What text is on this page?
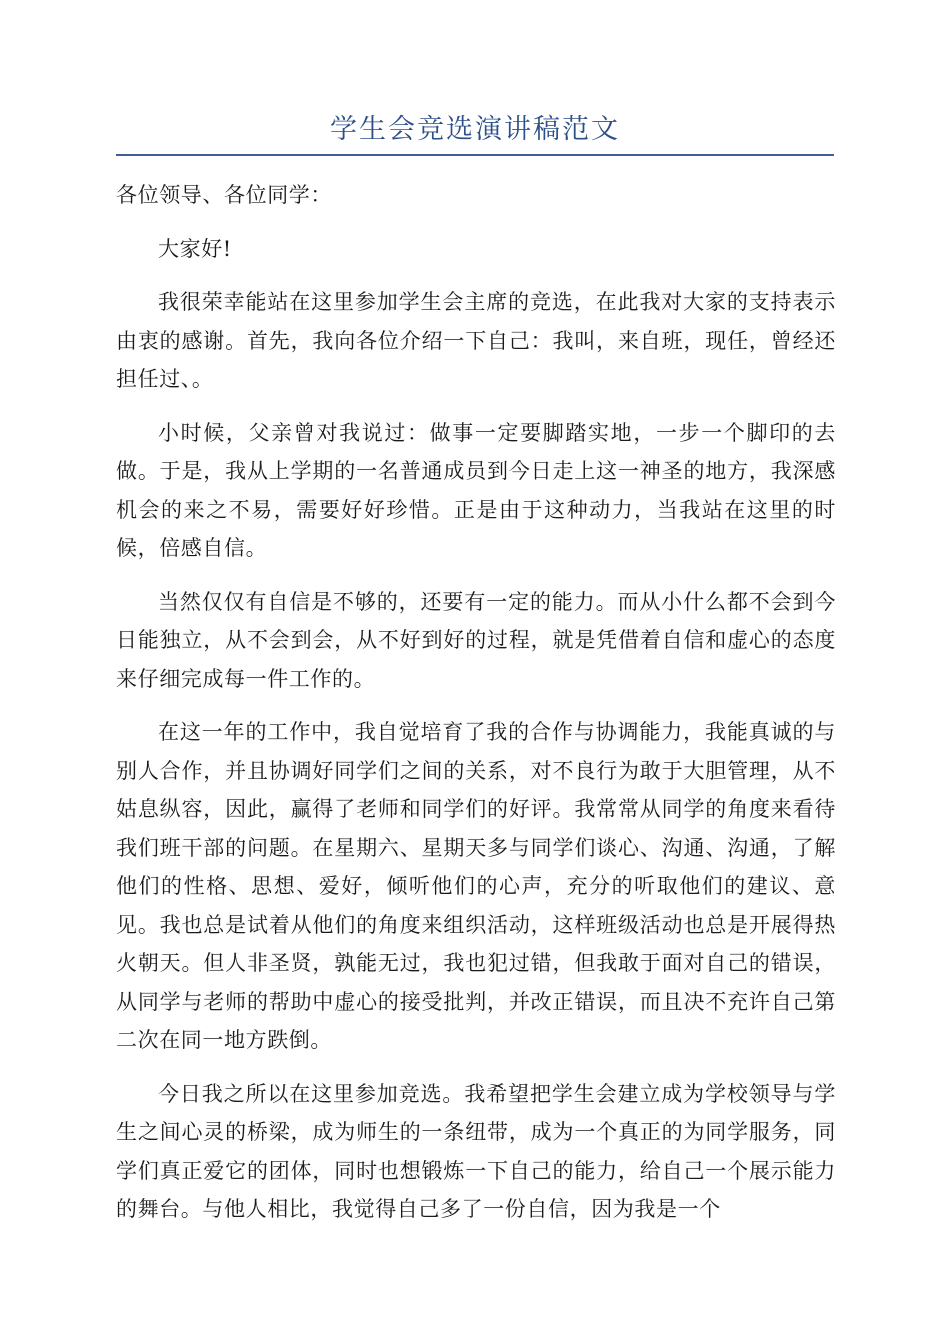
学生会竞选演讲稿范文

各位领导、各位同学：

大家好!

我很荣幸能站在这里参加学生会主席的竞选，在此我对大家的支持表示由衷的感谢。首先，我向各位介绍一下自己：我叫，来自班，现任，曾经还担任过、。

小时候，父亲曾对我说过：做事一定要脚踏实地，一步一个脚印的去做。于是，我从上学期的一名普通成员到今日走上这一神圣的地方，我深感机会的来之不易，需要好好珍惜。正是由于这种动力，当我站在这里的时候，倍感自信。

当然仅仅有自信是不够的，还要有一定的能力。而从小什么都不会到今日能独立，从不会到会，从不好到好的过程，就是凭借着自信和虚心的态度来仔细完成每一件工作的。

在这一年的工作中，我自觉培育了我的合作与协调能力，我能真诚的与别人合作，并且协调好同学们之间的关系，对不良行为敢于大胆管理，从不姑息纵容，因此，赢得了老师和同学们的好评。我常常从同学的角度来看待我们班干部的问题。在星期六、星期天多与同学们谈心、沟通、沟通，了解他们的性格、思想、爱好，倾听他们的心声，充分的听取他们的建议、意见。我也总是试着从他们的角度来组织活动，这样班级活动也总是开展得热火朝天。但人非圣贤，孰能无过，我也犯过错，但我敢于面对自己的错误，从同学与老师的帮助中虚心的接受批判，并改正错误，而且决不充许自己第二次在同一地方跌倒。

今日我之所以在这里参加竞选。我希望把学生会建立成为学校领导与学生之间心灵的桥梁，成为师生的一条纽带，成为一个真正的为同学服务，同学们真正爱它的团体，同时也想锻炼一下自己的能力，给自己一个展示能力的舞台。与他人相比，我觉得自己多了一份自信，因为我是一个
